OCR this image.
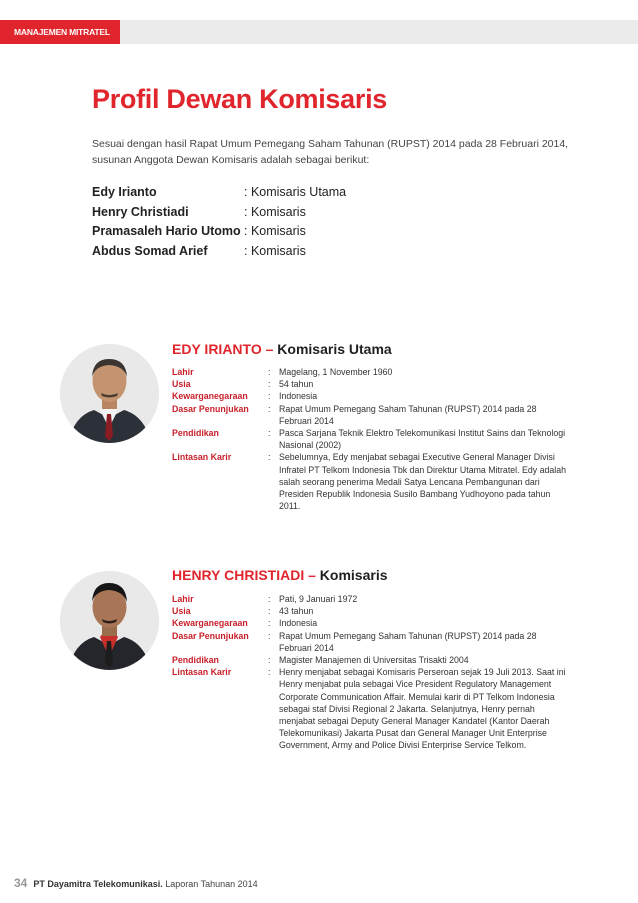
MANAJEMEN MITRATEL
Profil Dewan Komisaris
Sesuai dengan hasil Rapat Umum Pemegang Saham Tahunan (RUPST) 2014 pada 28 Februari 2014, susunan Anggota Dewan Komisaris adalah sebagai berikut:
Edy Irianto	: Komisaris Utama
Henry Christiadi	: Komisaris
Pramasaleh Hario Utomo : Komisaris
Abdus Somad Arief	: Komisaris
EDY IRIANTO – Komisaris Utama
Lahir	: Magelang, 1 November 1960
Usia	: 54 tahun
Kewarganegaraan	: Indonesia
Dasar Penunjukan	: Rapat Umum Pemegang Saham Tahunan (RUPST) 2014 pada 28 Februari 2014
Pendidikan	: Pasca Sarjana Teknik Elektro Telekomunikasi Institut Sains dan Teknologi Nasional (2002)
Lintasan Karir	: Sebelumnya, Edy menjabat sebagai Executive General Manager Divisi Infratel PT Telkom Indonesia Tbk dan Direktur Utama Mitratel. Edy adalah salah seorang penerima Medali Satya Lencana Pembangunan dari Presiden Republik Indonesia Susilo Bambang Yudhoyono pada tahun 2011.
HENRY CHRISTIADI – Komisaris
Lahir	: Pati, 9 Januari 1972
Usia	: 43 tahun
Kewarganegaraan	: Indonesia
Dasar Penunjukan	: Rapat Umum Pemegang Saham Tahunan (RUPST) 2014 pada 28 Februari 2014
Pendidikan	: Magister Manajemen di Universitas Trisakti 2004
Lintasan Karir	: Henry menjabat sebagai Komisaris Perseroan sejak 19 Juli 2013. Saat ini Henry menjabat pula sebagai Vice President Regulatory Management Corporate Communication Affair. Memulai karir di PT Telkom Indonesia sebagai staf Divisi Regional 2 Jakarta. Selanjutnya, Henry pernah menjabat sebagai Deputy General Manager Kandatel (Kantor Daerah Telekomunikasi) Jakarta Pusat dan General Manager Unit Enterprise Government, Army and Police Divisi Enterprise Service Telkom.
34 PT Dayamitra Telekomunikasi. Laporan Tahunan 2014
